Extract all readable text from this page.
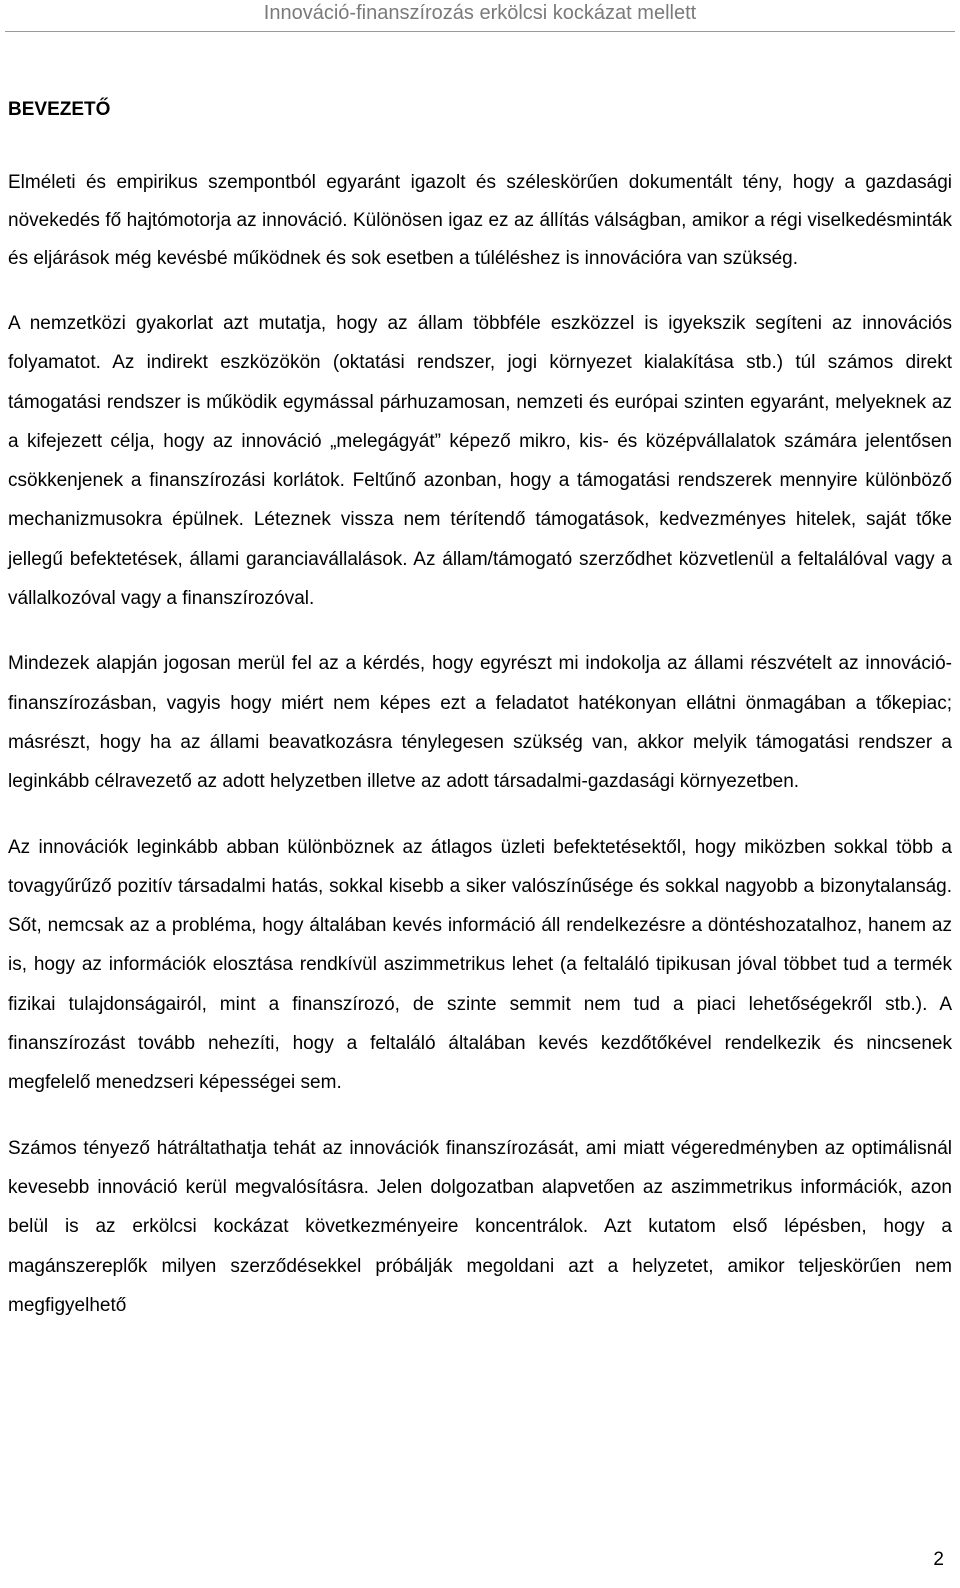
Innováció-finanszírozás erkölcsi kockázat mellett
BEVEZETŐ

Elméleti és empirikus szempontból egyaránt igazolt és széleskörűen dokumentált tény, hogy a gazdasági növekedés fő hajtómotorja az innováció. Különösen igaz ez az állítás válságban, amikor a régi viselkedésminták és eljárások még kevésbé működnek és sok esetben a túléléshez is innovációra van szükség.

A nemzetközi gyakorlat azt mutatja, hogy az állam többféle eszközzel is igyekszik segíteni az innovációs folyamatot. Az indirekt eszközökön (oktatási rendszer, jogi környezet kialakítása stb.) túl számos direkt támogatási rendszer is működik egymással párhuzamosan, nemzeti és európai szinten egyaránt, melyeknek az a kifejezett célja, hogy az innováció „melegágyát” képező mikro, kis- és középvállalatok számára jelentősen csökkenjenek a finanszírozási korlátok. Feltűnő azonban, hogy a támogatási rendszerek mennyire különböző mechanizmusokra épülnek. Léteznek vissza nem térítendő támogatások, kedvezményes hitelek, saját tőke jellegű befektetések, állami garanciavállalások. Az állam/támogató szerződhet közvetlenül a feltalálóval vagy a vállalkozóval vagy a finanszírozóval.

Mindezek alapján jogosan merül fel az a kérdés, hogy egyrészt mi indokolja az állami részvételt az innováció-finanszírozásban, vagyis hogy miért nem képes ezt a feladatot hatékonyan ellátni önmagában a tőkepiac; másrészt, hogy ha az állami beavatkozásra ténylegesen szükség van, akkor melyik támogatási rendszer a leginkább célravezető az adott helyzetben illetve az adott társadalmi-gazdasági környezetben.

Az innovációk leginkább abban különböznek az átlagos üzleti befektetésektől, hogy miközben sokkal több a tovagyűrűző pozitív társadalmi hatás, sokkal kisebb a siker valószínűsége és sokkal nagyobb a bizonytalanság. Sőt, nemcsak az a probléma, hogy általában kevés információ áll rendelkezésre a döntéshozatalhoz, hanem az is, hogy az információk elosztása rendkívül aszimmetrikus lehet (a feltaláló tipikusan jóval többet tud a termék fizikai tulajdonságairól, mint a finanszírozó, de szinte semmit nem tud a piaci lehetőségekről stb.). A finanszírozást tovább nehezíti, hogy a feltaláló általában kevés kezdőtőkével rendelkezik és nincsenek megfelelő menedzseri képességei sem.

Számos tényező hátráltathatja tehát az innovációk finanszírozását, ami miatt végeredményben az optimálisnál kevesebb innováció kerül megvalósításra. Jelen dolgozatban alapvetően az aszimmetrikus információk, azon belül is az erkölcsi kockázat következményeire koncentrálok. Azt kutatom első lépésben, hogy a magánszereplők milyen szerződésekkel próbálják megoldani azt a helyzetet, amikor teljeskörűen nem megfigyelhető

2
